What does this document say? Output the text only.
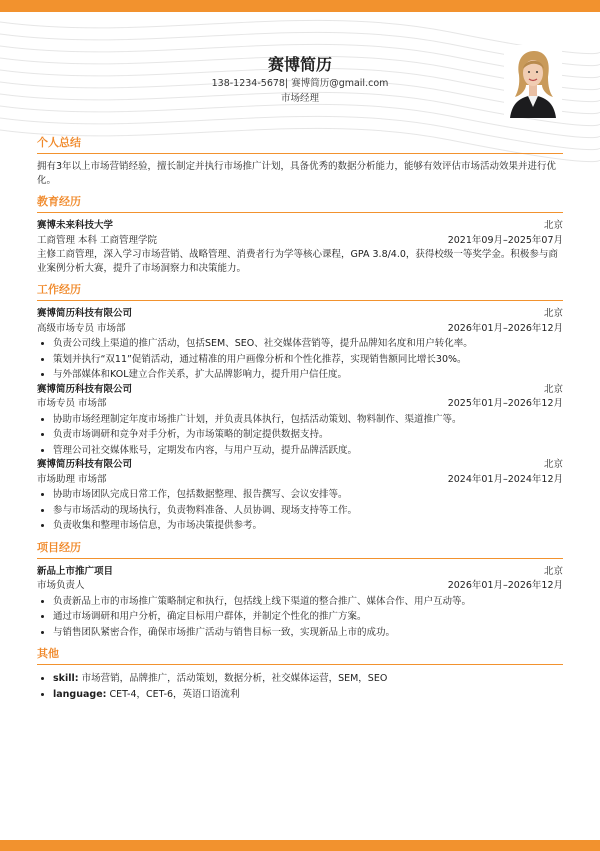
赛博简历
138-1234-5678| 赛博简历@gmail.com
市场经理
个人总结
拥有3年以上市场营销经验，擅长制定并执行市场推广计划，具备优秀的数据分析能力，能够有效评估市场活动效果并进行优化。
教育经历
赛博未来科技大学	北京
工商管理 本科 工商管理学院	2021年09月–2025年07月
主修工商管理，深入学习市场营销、战略管理、消费者行为学等核心课程，GPA 3.8/4.0，获得校级一等奖学金。积极参与商业案例分析大赛，提升了市场洞察力和决策能力。
工作经历
赛博简历科技有限公司	北京
高级市场专员 市场部	2026年01月–2026年12月
• 负责公司线上渠道的推广活动，包括SEM、SEO、社交媒体营销等，提升品牌知名度和用户转化率。
• 策划并执行“双11”促销活动，通过精准的用户画像分析和个性化推荐，实现销售额同比增长30%。
• 与外部媒体和KOL建立合作关系，扩大品牌影响力，提升用户信任度。
赛博简历科技有限公司	北京
市场专员 市场部	2025年01月–2026年12月
• 协助市场经理制定年度市场推广计划，并负责具体执行，包括活动策划、物料制作、渠道推广等。
• 负责市场调研和竞争对手分析，为市场策略的制定提供数据支持。
• 管理公司社交媒体账号，定期发布内容，与用户互动，提升品牌活跃度。
赛博简历科技有限公司	北京
市场助理 市场部	2024年01月–2024年12月
• 协助市场团队完成日常工作，包括数据整理、报告撰写、会议安排等。
• 参与市场活动的现场执行，负责物料准备、人员协调、现场支持等工作。
• 负责收集和整理市场信息，为市场决策提供参考。
项目经历
新品上市推广项目	北京
市场负责人	2026年01月–2026年12月
• 负责新品上市的市场推广策略制定和执行，包括线上线下渠道的整合推广、媒体合作、用户互动等。
• 通过市场调研和用户分析，确定目标用户群体，并制定个性化的推广方案。
• 与销售团队紧密合作，确保市场推广活动与销售目标一致，实现新品上市的成功。
其他
• skill: 市场营销，品牌推广，活动策划，数据分析，社交媒体运营，SEM，SEO
• language: CET-4，CET-6，英语口语流利
